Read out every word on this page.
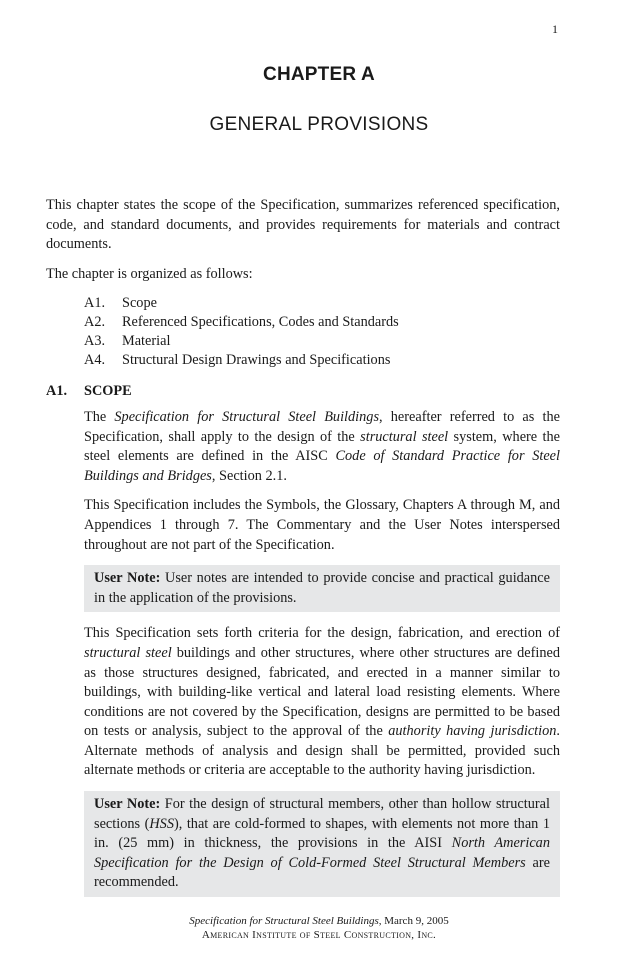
1
CHAPTER A
GENERAL PROVISIONS

This chapter states the scope of the Specification, summarizes referenced specification, code, and standard documents, and provides requirements for materials and contract documents.

The chapter is organized as follows:

A1.	Scope
A2.	Referenced Specifications, Codes and Standards
A3.	Material
A4.	Structural Design Drawings and Specifications
A1.	SCOPE

The Specification for Structural Steel Buildings, hereafter referred to as the Specification, shall apply to the design of the structural steel system, where the steel elements are defined in the AISC Code of Standard Practice for Steel Buildings and Bridges, Section 2.1.

This Specification includes the Symbols, the Glossary, Chapters A through M, and Appendices 1 through 7. The Commentary and the User Notes interspersed throughout are not part of the Specification.

User Note: User notes are intended to provide concise and practical guidance in the application of the provisions.

This Specification sets forth criteria for the design, fabrication, and erection of structural steel buildings and other structures, where other structures are defined as those structures designed, fabricated, and erected in a manner similar to buildings, with building-like vertical and lateral load resisting elements. Where conditions are not covered by the Specification, designs are permitted to be based on tests or analysis, subject to the approval of the authority having jurisdiction. Alternate methods of analysis and design shall be permitted, provided such alternate methods or criteria are acceptable to the authority having jurisdiction.

User Note: For the design of structural members, other than hollow structural sections (HSS), that are cold-formed to shapes, with elements not more than 1 in. (25 mm) in thickness, the provisions in the AISI North American Specification for the Design of Cold-Formed Steel Structural Members are recommended.
Specification for Structural Steel Buildings, March 9, 2005
American Institute of Steel Construction, Inc.
